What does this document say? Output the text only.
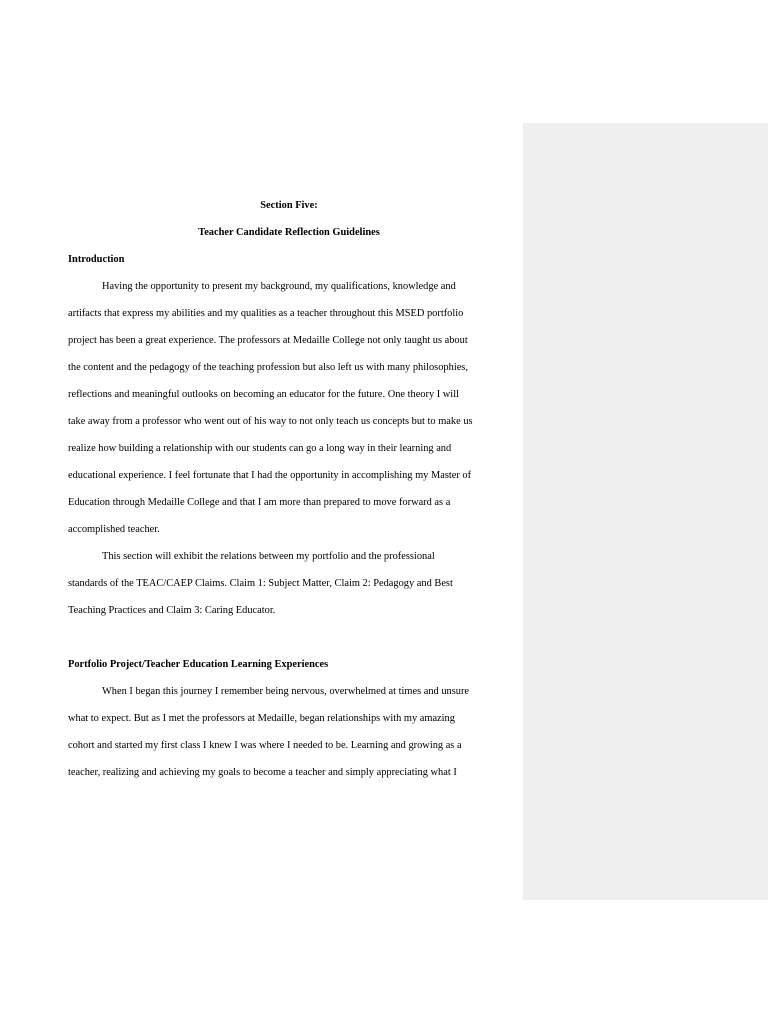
Section Five:

Teacher Candidate Reflection Guidelines

Introduction

Having the opportunity to present my background, my qualifications, knowledge and
artifacts that express my abilities and my qualities as a teacher throughout this MSED portfolio
project has been a great experience. The professors at Medaille College not only taught us about
the content and the pedagogy of the teaching profession but also left us with many philosophies,
reflections and meaningful outlooks on becoming an educator for the future. One theory I will
take away from a professor who went out of his way to not only teach us concepts but to make us
realize how building a relationship with our students can go a long way in their learning and
educational experience. I feel fortunate that I had the opportunity in accomplishing my Master of
Education through Medaille College and that I am more than prepared to move forward as a
accomplished teacher.

This section will exhibit the relations between my portfolio and the professional
standards of the TEAC/CAEP Claims. Claim 1: Subject Matter, Claim 2: Pedagogy and Best
Teaching Practices and Claim 3: Caring Educator.

Portfolio Project/Teacher Education Learning Experiences

When I began this journey I remember being nervous, overwhelmed at times and unsure
what to expect. But as I met the professors at Medaille, began relationships with my amazing
cohort and started my first class I knew I was where I needed to be. Learning and growing as a
teacher, realizing and achieving my goals to become a teacher and simply appreciating what I
